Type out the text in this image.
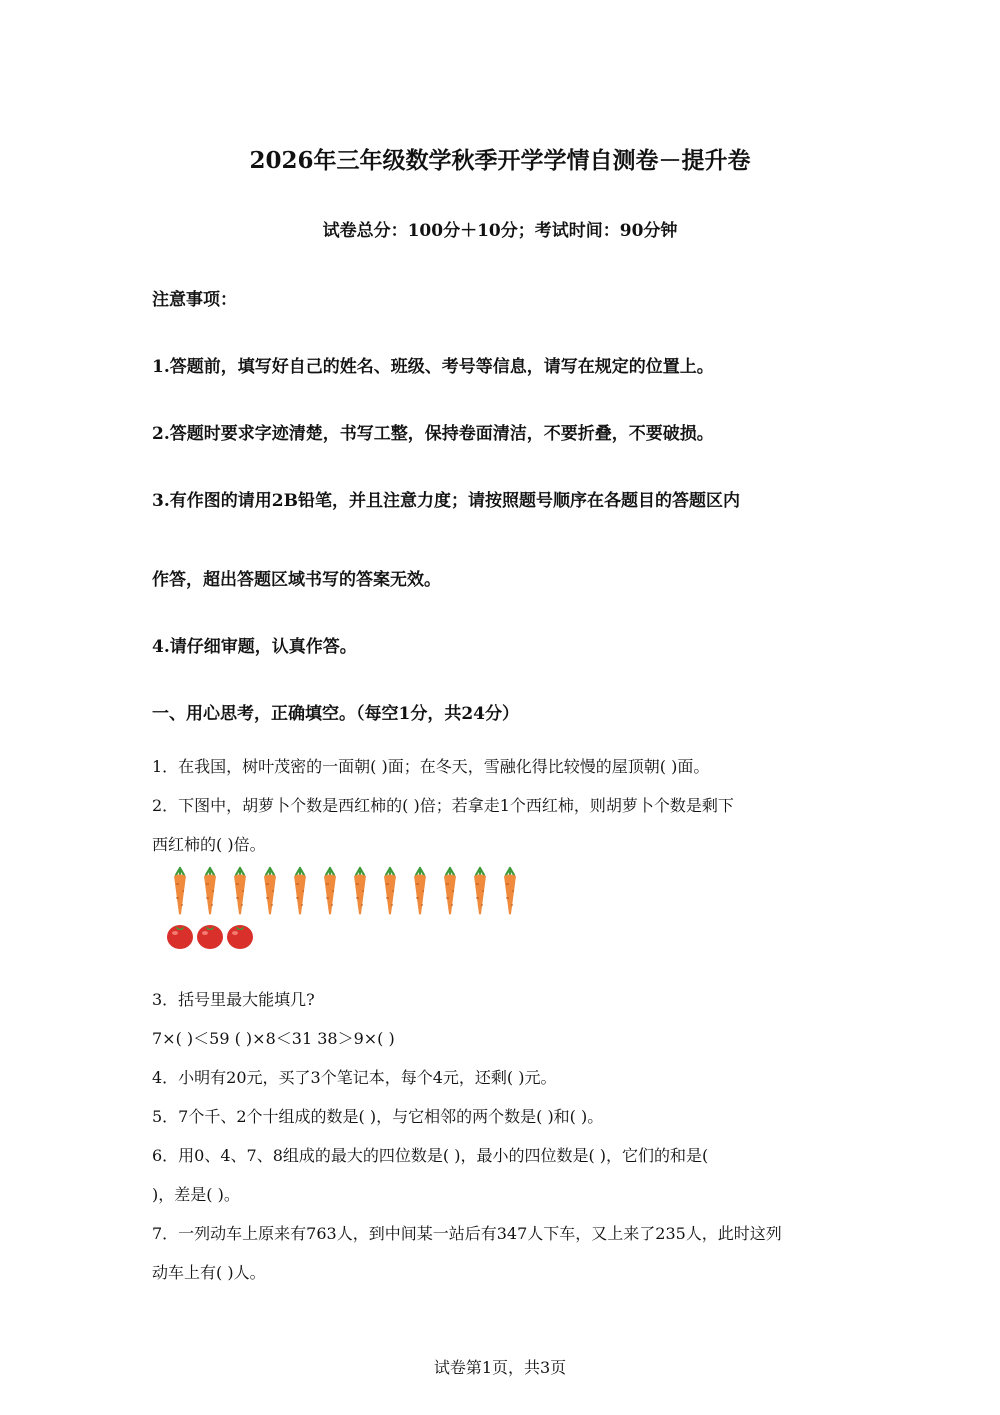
2026年三年级数学秋季开学学情自测卷－提升卷
试卷总分：100分＋10分；考试时间：90分钟
注意事项：
1.答题前，填写好自己的姓名、班级、考号等信息，请写在规定的位置上。
2.答题时要求字迹清楚，书写工整，保持卷面清洁，不要折叠，不要破损。
3.有作图的请用2B铅笔，并且注意力度；请按照题号顺序在各题目的答题区内
作答，超出答题区域书写的答案无效。
4.请仔细审题，认真作答。
一、用心思考，正确填空。（每空1分，共24分）
1．在我国，树叶茂密的一面朝( )面；在冬天，雪融化得比较慢的屋顶朝( )面。
2．下图中，胡萝卜个数是西红柿的( )倍；若拿走1个西红柿，则胡萝卜个数是剩下
西红柿的( )倍。
3．括号里最大能填几?
7×( )＜59 ( )×8＜31 38＞9×( )
4．小明有20元，买了3个笔记本，每个4元，还剩( )元。
5．7个千、2个十组成的数是( )，与它相邻的两个数是( )和( )。
6．用0、4、7、8组成的最大的四位数是( )，最小的四位数是( )，它们的和是(
)，差是( )。
7．一列动车上原来有763人，到中间某一站后有347人下车，又上来了235人，此时这列
动车上有( )人。
试卷第1页，共3页
